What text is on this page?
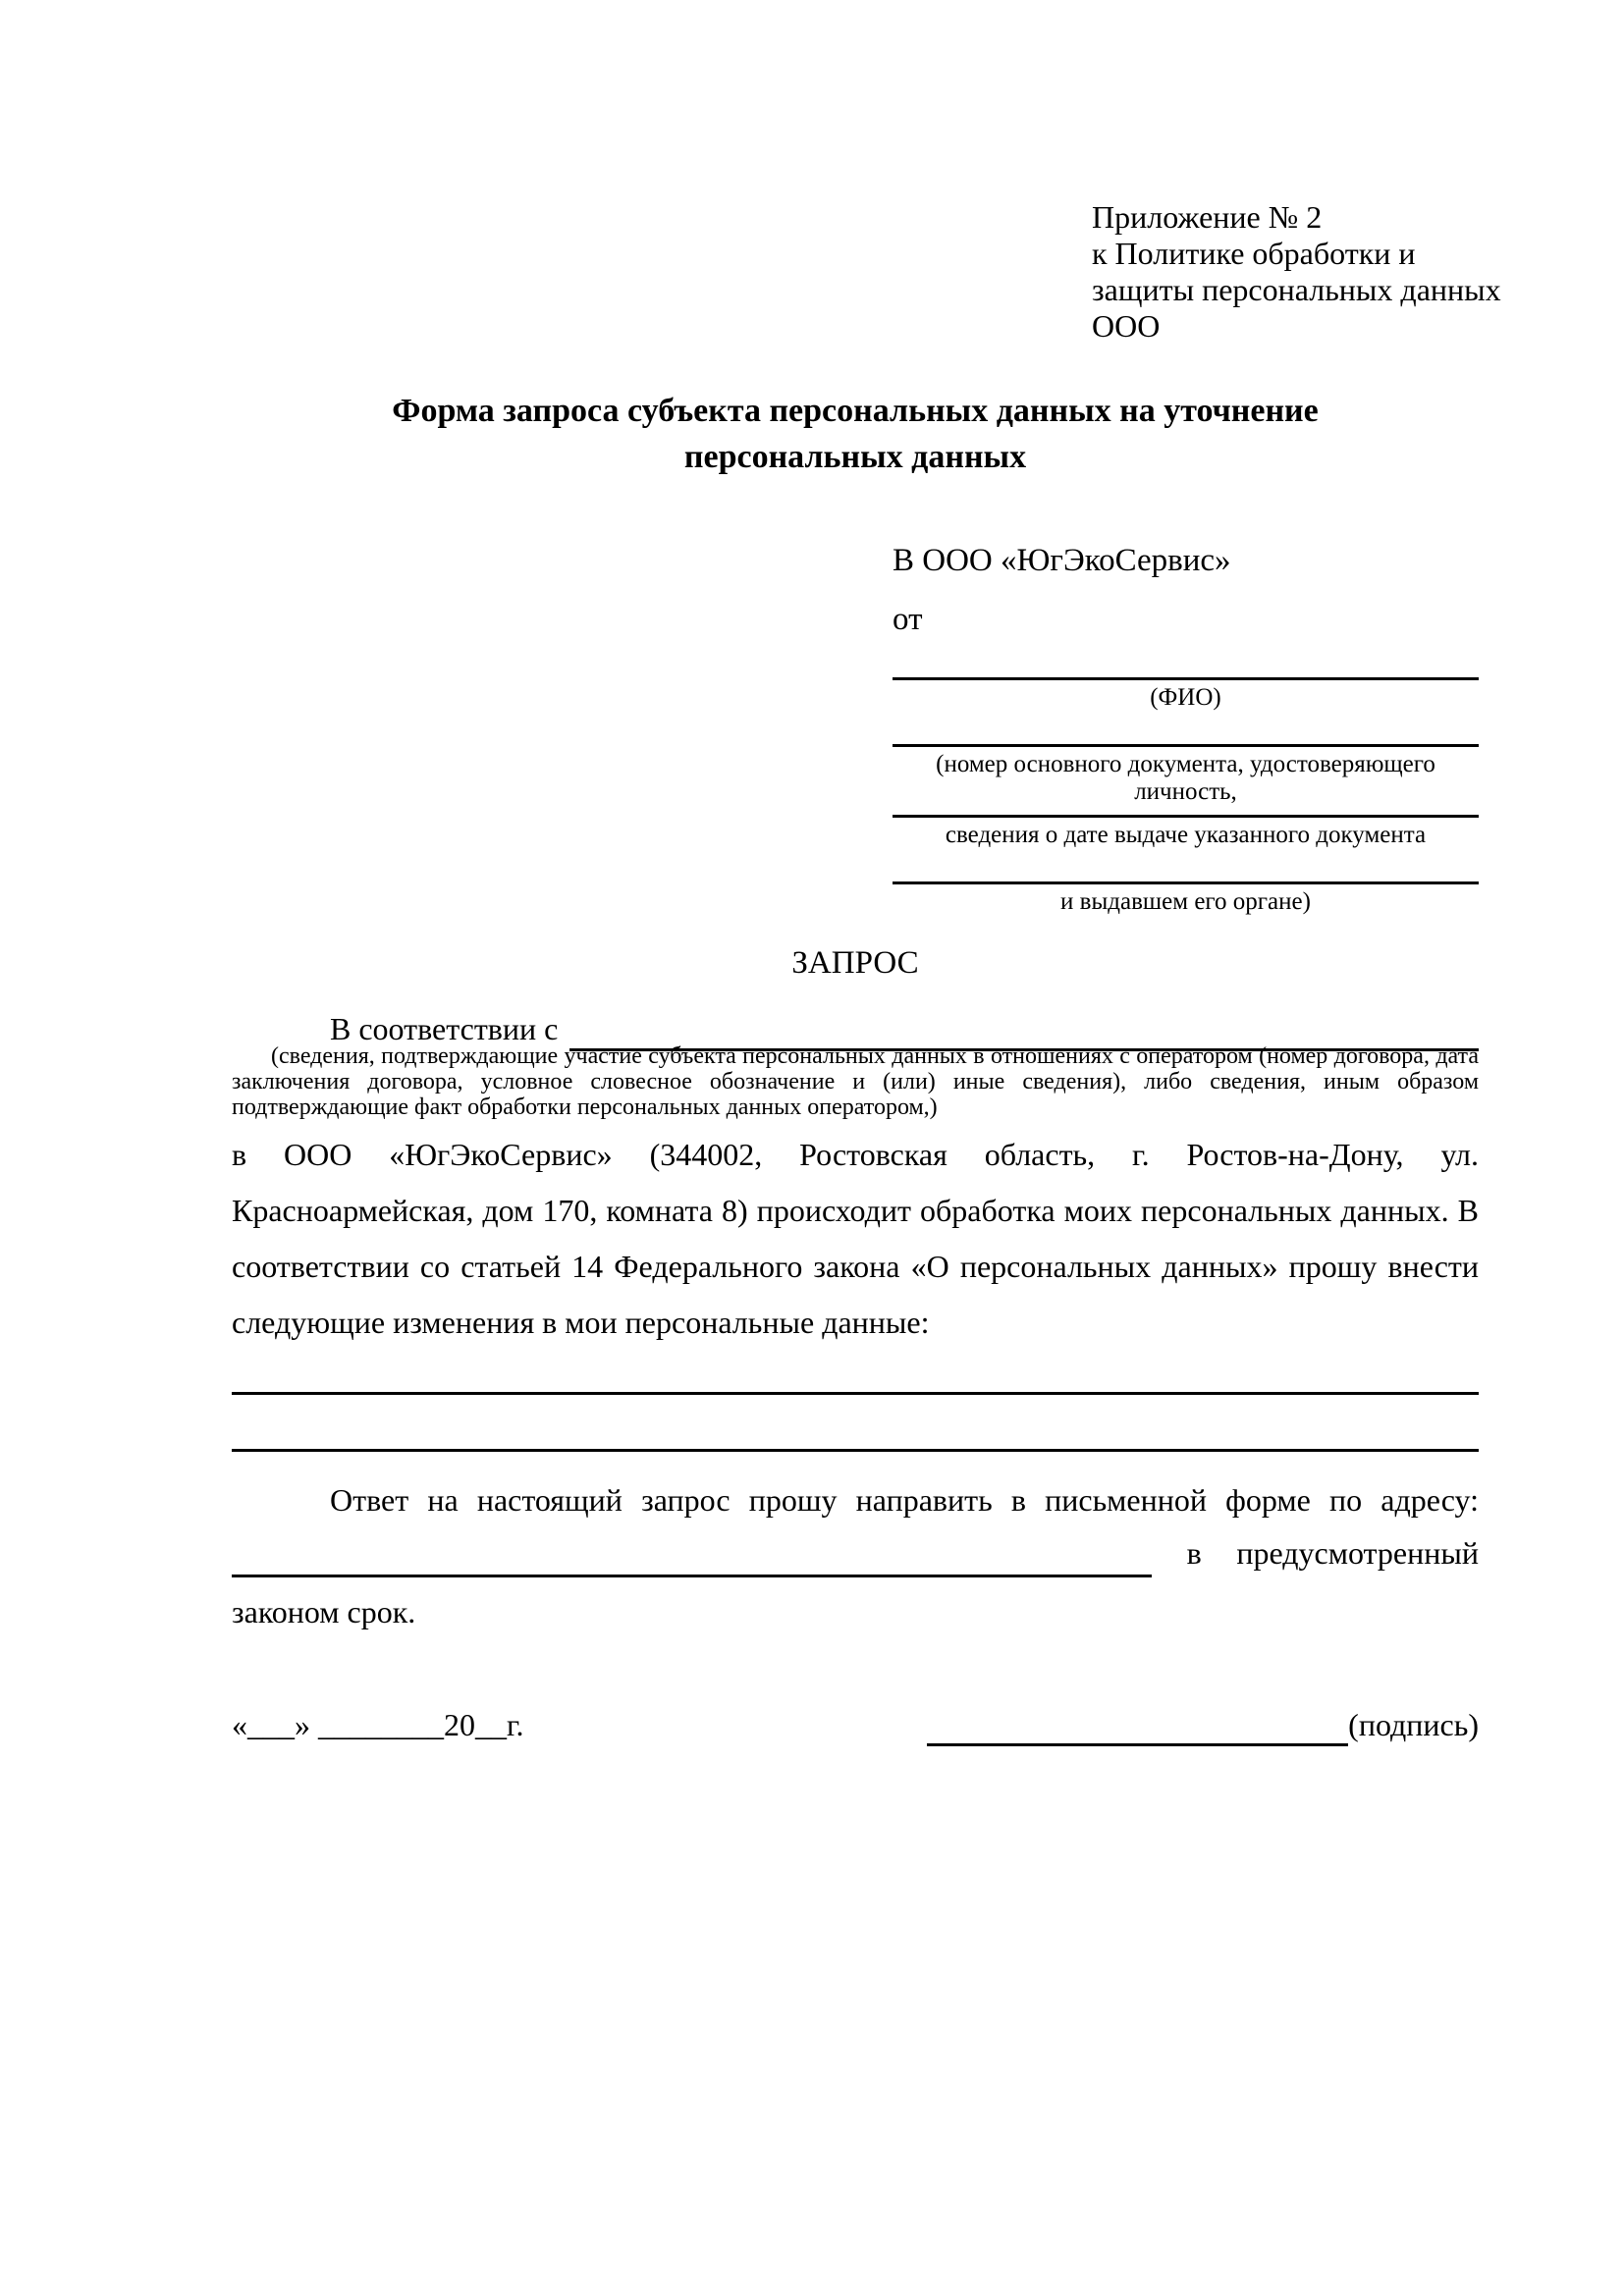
Приложение № 2
к Политике обработки и
защиты персональных данных
ООО
Форма запроса субъекта персональных данных на уточнение
персональных данных
В ООО «ЮгЭкоСервис»
от
(ФИО)
(номер основного документа, удостоверяющего личность,
сведения о дате выдаче указанного документа
и выдавшем его органе)
ЗАПРОС
В соответствии с
(сведения, подтверждающие участие субъекта персональных данных в отношениях с оператором (номер договора, дата заключения договора, условное словесное обозначение и (или) иные сведения), либо сведения, иным образом подтверждающие факт обработки персональных данных оператором,)
в ООО «ЮгЭкоСервис» (344002, Ростовская область, г. Ростов-на-Дону, ул. Красноармейская, дом 170, комната 8) происходит обработка моих персональных данных. В соответствии со статьей 14 Федерального закона «О персональных данных» прошу внести следующие изменения в мои персональные данные:
Ответ на настоящий запрос прошу направить в письменной форме по адресу:
в предусмотренный
законом срок.
«___» ________20__г.	(подпись)
